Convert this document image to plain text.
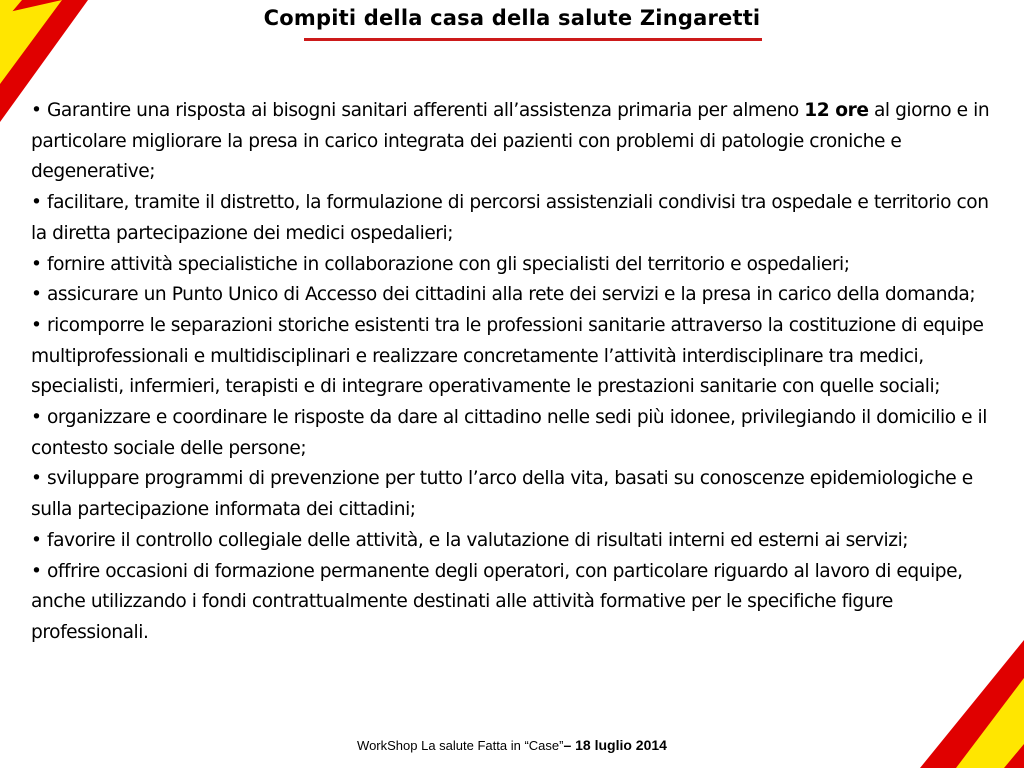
Compiti della casa della salute Zingaretti

• Garantire una risposta ai bisogni sanitari afferenti all’assistenza primaria per almeno 12 ore al giorno e in particolare migliorare la presa in carico integrata dei pazienti con problemi di patologie croniche e degenerative;

• facilitare, tramite il distretto, la formulazione di percorsi assistenziali condivisi tra ospedale e territorio con la diretta partecipazione dei medici ospedalieri;

• fornire attività specialistiche in collaborazione con gli specialisti del territorio e ospedalieri;

• assicurare un Punto Unico di Accesso dei cittadini alla rete dei servizi e la presa in carico della domanda;

• ricomporre le separazioni storiche esistenti tra le professioni sanitarie attraverso la costituzione di equipe multiprofessionali e multidisciplinari e realizzare concretamente l’attività interdisciplinare tra medici, specialisti, infermieri, terapisti e di integrare operativamente le prestazioni sanitarie con quelle sociali;

• organizzare e coordinare le risposte da dare al cittadino nelle sedi più idonee, privilegiando il domicilio e il contesto sociale delle persone;

• sviluppare programmi di prevenzione per tutto l’arco della vita, basati su conoscenze epidemiologiche e sulla partecipazione informata dei cittadini;

• favorire il controllo collegiale delle attività, e la valutazione di risultati interni ed esterni ai servizi;

• offrire occasioni di formazione permanente degli operatori, con particolare riguardo al lavoro di equipe, anche utilizzando i fondi contrattualmente destinati alle attività formative per le specifiche figure professionali.

WorkShop La salute Fatta in “Case”– 18 luglio 2014
